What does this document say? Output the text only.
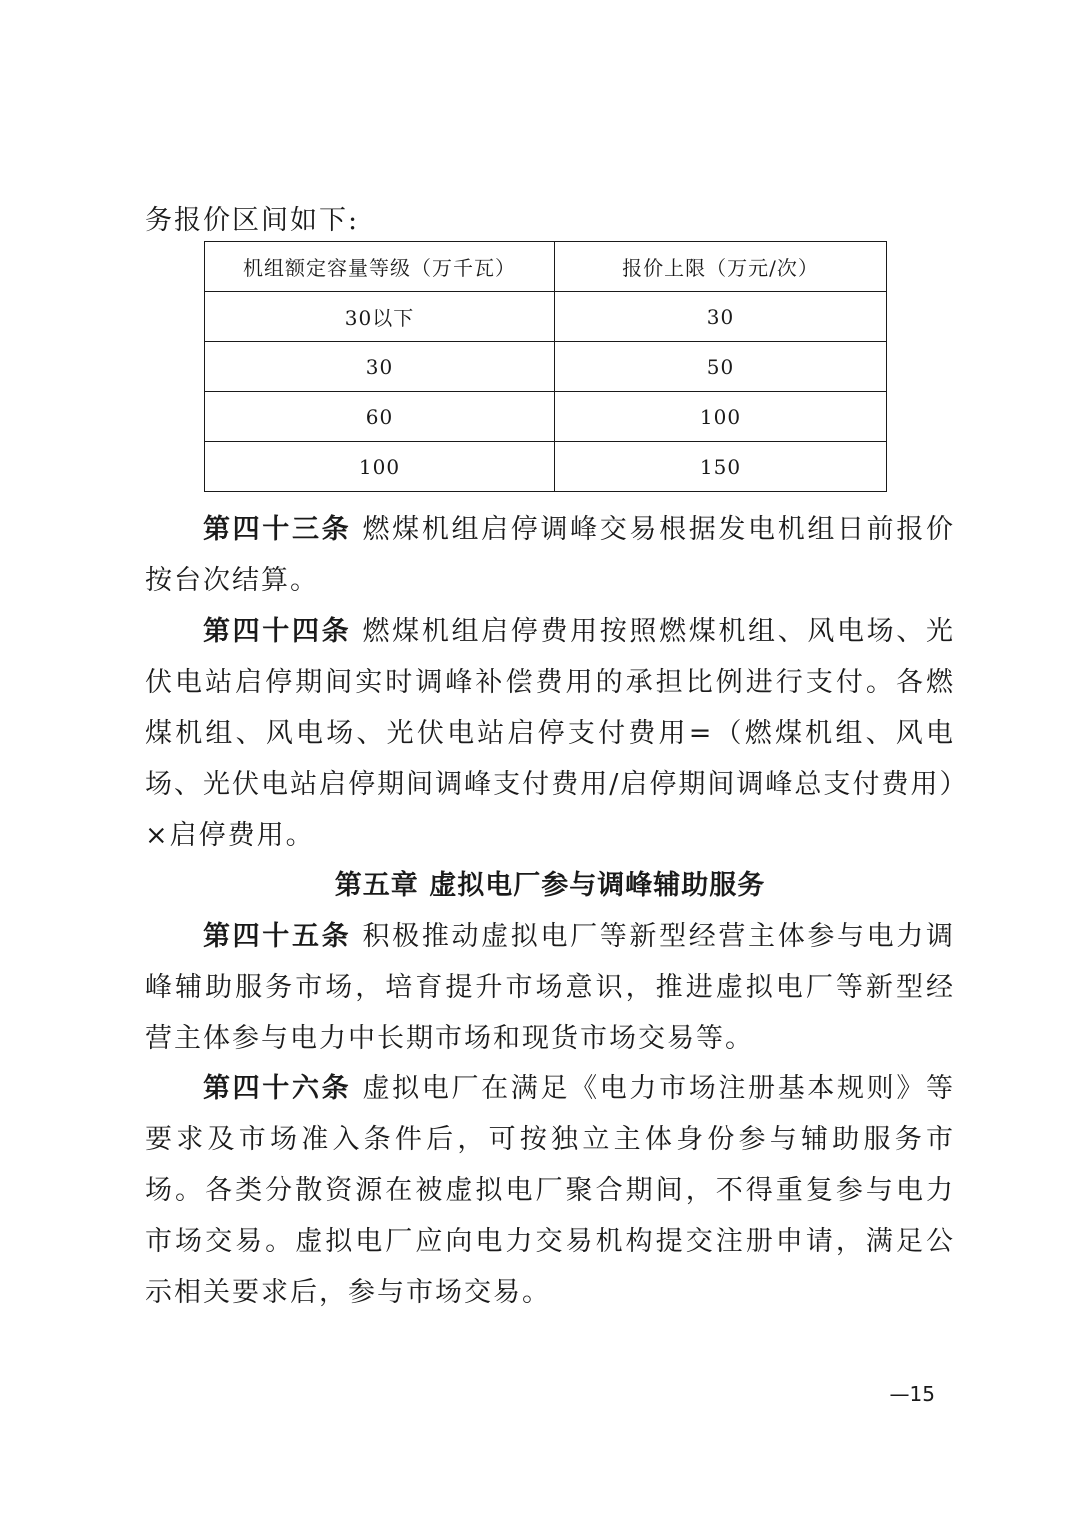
务报价区间如下:

机组额定容量等级（万千瓦）	报价上限（万元/次）
30以下	30
30	50
60	100
100	150

第四十三条 燃煤机组启停调峰交易根据发电机组日前报价按台次结算。

第四十四条 燃煤机组启停费用按照燃煤机组、风电场、光伏电站启停期间实时调峰补偿费用的承担比例进行支付。各燃煤机组、风电场、光伏电站启停支付费用=（燃煤机组、风电场、光伏电站启停期间调峰支付费用/启停期间调峰总支付费用）×启停费用。

第五章 虚拟电厂参与调峰辅助服务

第四十五条 积极推动虚拟电厂等新型经营主体参与电力调峰辅助服务市场，培育提升市场意识，推进虚拟电厂等新型经营主体参与电力中长期市场和现货市场交易等。

第四十六条 虚拟电厂在满足《电力市场注册基本规则》等要求及市场准入条件后，可按独立主体身份参与辅助服务市场。各类分散资源在被虚拟电厂聚合期间，不得重复参与电力市场交易。虚拟电厂应向电力交易机构提交注册申请，满足公示相关要求后，参与市场交易。

—15
